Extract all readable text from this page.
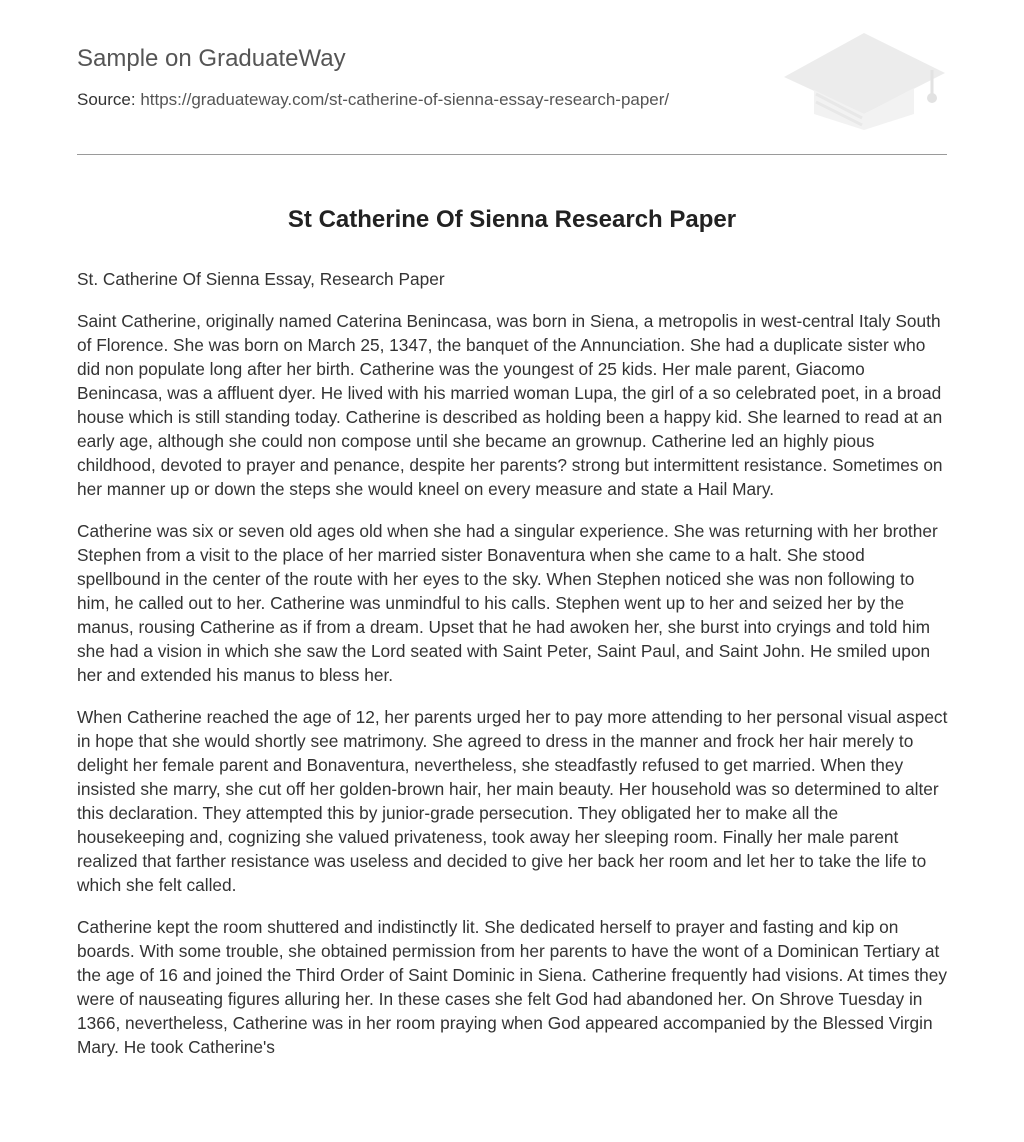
Sample on GraduateWay
Source: https://graduateway.com/st-catherine-of-sienna-essay-research-paper/
St Catherine Of Sienna Research Paper

St. Catherine Of Sienna Essay, Research Paper

Saint Catherine, originally named Caterina Benincasa, was born in Siena, a metropolis in west-central Italy South of Florence. She was born on March 25, 1347, the banquet of the Annunciation. She had a duplicate sister who did non populate long after her birth. Catherine was the youngest of 25 kids. Her male parent, Giacomo Benincasa, was a affluent dyer. He lived with his married woman Lupa, the girl of a so celebrated poet, in a broad house which is still standing today. Catherine is described as holding been a happy kid. She learned to read at an early age, although she could non compose until she became an grownup. Catherine led an highly pious childhood, devoted to prayer and penance, despite her parents? strong but intermittent resistance. Sometimes on her manner up or down the steps she would kneel on every measure and state a Hail Mary.

Catherine was six or seven old ages old when she had a singular experience. She was returning with her brother Stephen from a visit to the place of her married sister Bonaventura when she came to a halt. She stood spellbound in the center of the route with her eyes to the sky. When Stephen noticed she was non following to him, he called out to her. Catherine was unmindful to his calls. Stephen went up to her and seized her by the manus, rousing Catherine as if from a dream. Upset that he had awoken her, she burst into cryings and told him she had a vision in which she saw the Lord seated with Saint Peter, Saint Paul, and Saint John. He smiled upon her and extended his manus to bless her.

When Catherine reached the age of 12, her parents urged her to pay more attending to her personal visual aspect in hope that she would shortly see matrimony. She agreed to dress in the manner and frock her hair merely to delight her female parent and Bonaventura, nevertheless, she steadfastly refused to get married. When they insisted she marry, she cut off her golden-brown hair, her main beauty. Her household was so determined to alter this declaration. They attempted this by junior-grade persecution. They obligated her to make all the housekeeping and, cognizing she valued privateness, took away her sleeping room. Finally her male parent realized that farther resistance was useless and decided to give her back her room and let her to take the life to which she felt called.

Catherine kept the room shuttered and indistinctly lit. She dedicated herself to prayer and fasting and kip on boards. With some trouble, she obtained permission from her parents to have the wont of a Dominican Tertiary at the age of 16 and joined the Third Order of Saint Dominic in Siena. Catherine frequently had visions. At times they were of nauseating figures alluring her. In these cases she felt God had abandoned her. On Shrove Tuesday in 1366, nevertheless, Catherine was in her room praying when God appeared accompanied by the Blessed Virgin Mary. He took Catherine's
